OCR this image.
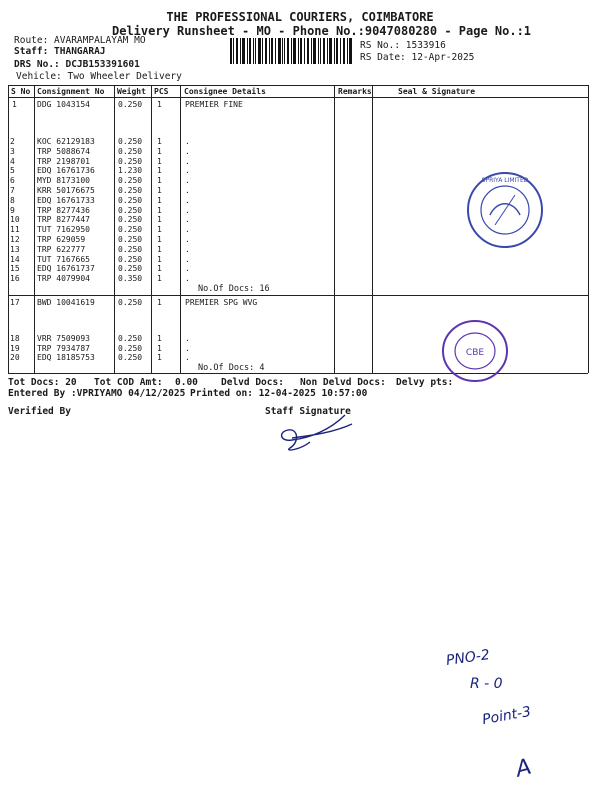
THE PROFESSIONAL COURIERS, COIMBATORE
Delivery Runsheet - MO - Phone No.:9047080280 - Page No.:1
Route: AVARAMPALAYAM MO
Staff: THANGARAJ
DRS No.: DCJB153391601
Vehicle: Two Wheeler Delivery
RS No.: 1533916
RS Date: 12-Apr-2025
S No Consignment No Weight PCS Consignee Details	Remarks	Seal & Signature
1	DDG 1043154	0.250 1	PREMIER FINE
2	KOC 62129183	0.250 1	.
3	TRP 5088674	0.250 1	.
4	TRP 2198701	0.250 1	.
5	EDQ 16761736	1.230 1	.
6	MYD 8173100	0.250 1	.
7	KRR 50176675	0.250 1	.
8	EDQ 16761733	0.250 1	.
9	TRP 8277436	0.250 1	.
10 TRP 8277447	0.250 1	.
11 TUT 7162950	0.250 1	.
12 TRP 629059	0.250 1	.
13 TRP 622777	0.250 1	.
14 TUT 7167665	0.250 1	.
15 EDQ 16761737	0.250 1	.
16 TRP 4079904	0.350 1	.
No.Of Docs: 16
17 BWD 10041619	0.250 1	PREMIER SPG WVG
18 VRR 7509093	0.250 1	.
19 TRP 7934787	0.250 1	.
20 EDQ 18185753	0.250 1	.
No.Of Docs: 4
Tot Docs: 20 Tot COD Amt: 0.00 Delvd Docs: Non Delvd Docs: Delvy pts:
Entered By :VPRIYAMO 04/12/2025 Printed on: 12-04-2025 10:57:00
Verified By	Staff Signature
SPRIYA LIMITED
CBE
PNO-2
R - 0
Point-3
A
